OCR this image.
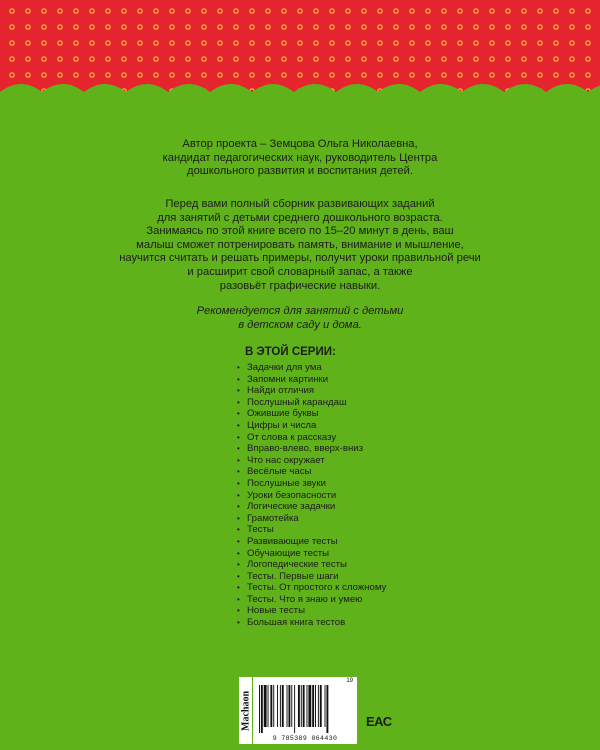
Автор проекта – Земцова Ольга Николаевна,
кандидат педагогических наук, руководитель Центра
дошкольного развития и воспитания детей.
Перед вами полный сборник развивающих заданий
для занятий с детьми среднего дошкольного возраста.
Занимаясь по этой книге всего по 15–20 минут в день, ваш
малыш сможет потренировать память, внимание и мышление,
научится считать и решать примеры, получит уроки правильной речи
и расширит свой словарный запас, а также
разовьёт графические навыки.
Рекомендуется для занятий с детьми
в детском саду и дома.
В ЭТОЙ СЕРИИ:
• Задачки для ума
• Запомни картинки
• Найди отличия
• Послушный карандаш
• Ожившие буквы
• Цифры и числа
• От слова к рассказу
• Вправо-влево, вверх-вниз
• Что нас окружает
• Весёлые часы
• Послушные звуки
• Уроки безопасности
• Логические задачки
• Грамотейка
• Тесты
• Развивающие тесты
• Обучающие тесты
• Логопедические тесты
• Тесты. Первые шаги
• Тесты. От простого к сложному
• Тесты. Что я знаю и умею
• Новые тесты
• Большая книга тестов
Machaon
19
9 785389 064430
ЕАС
